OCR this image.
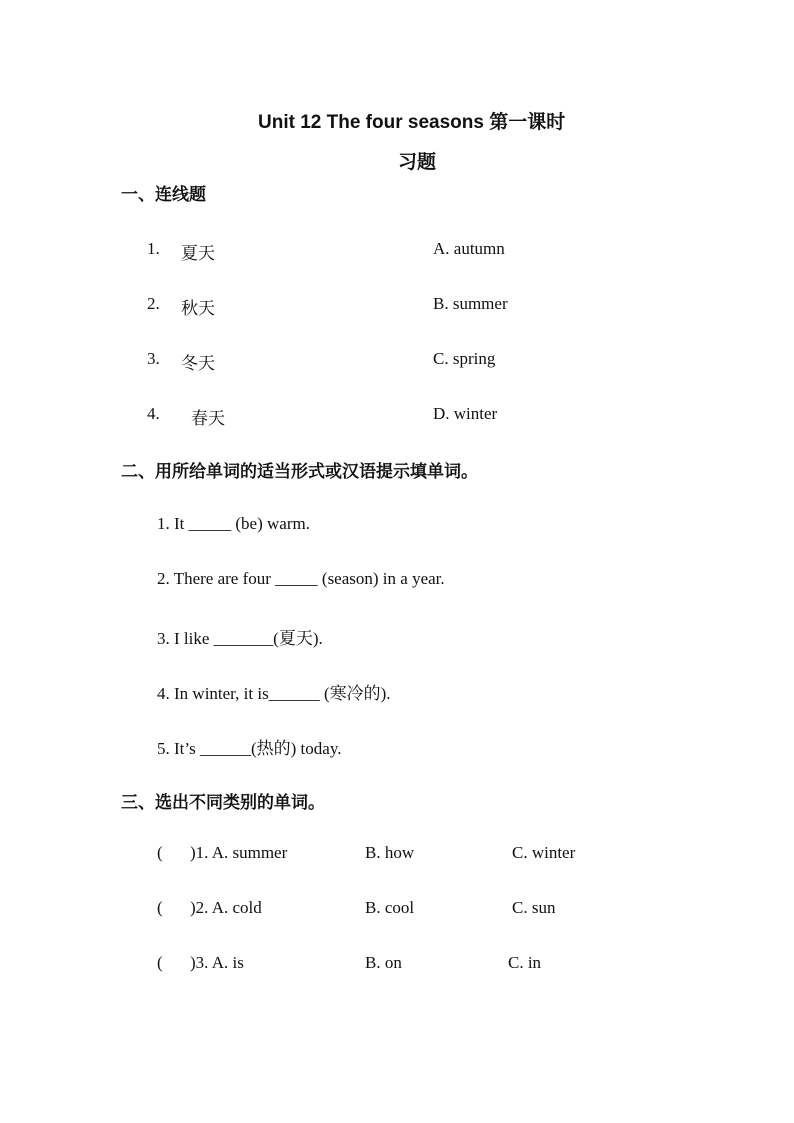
Unit 12 The four seasons 第一课时
习题
一、连线题
1. 夏天	A. autumn
2. 秋天	B. summer
3. 冬天	C. spring
4. 春天	D. winter
二、用所给单词的适当形式或汉语提示填单词。
1. It _____ (be) warm.
2. There are four _____ (season) in a year.
3. I like _______(夏天).
4. In winter, it is______ (寒冷的).
5. It’s ______(热的) today.
三、选出不同类别的单词。
( )1. A. summer	B. how	C. winter
( )2. A. cold	B. cool	C. sun
( )3. A. is	B. on	C. in
